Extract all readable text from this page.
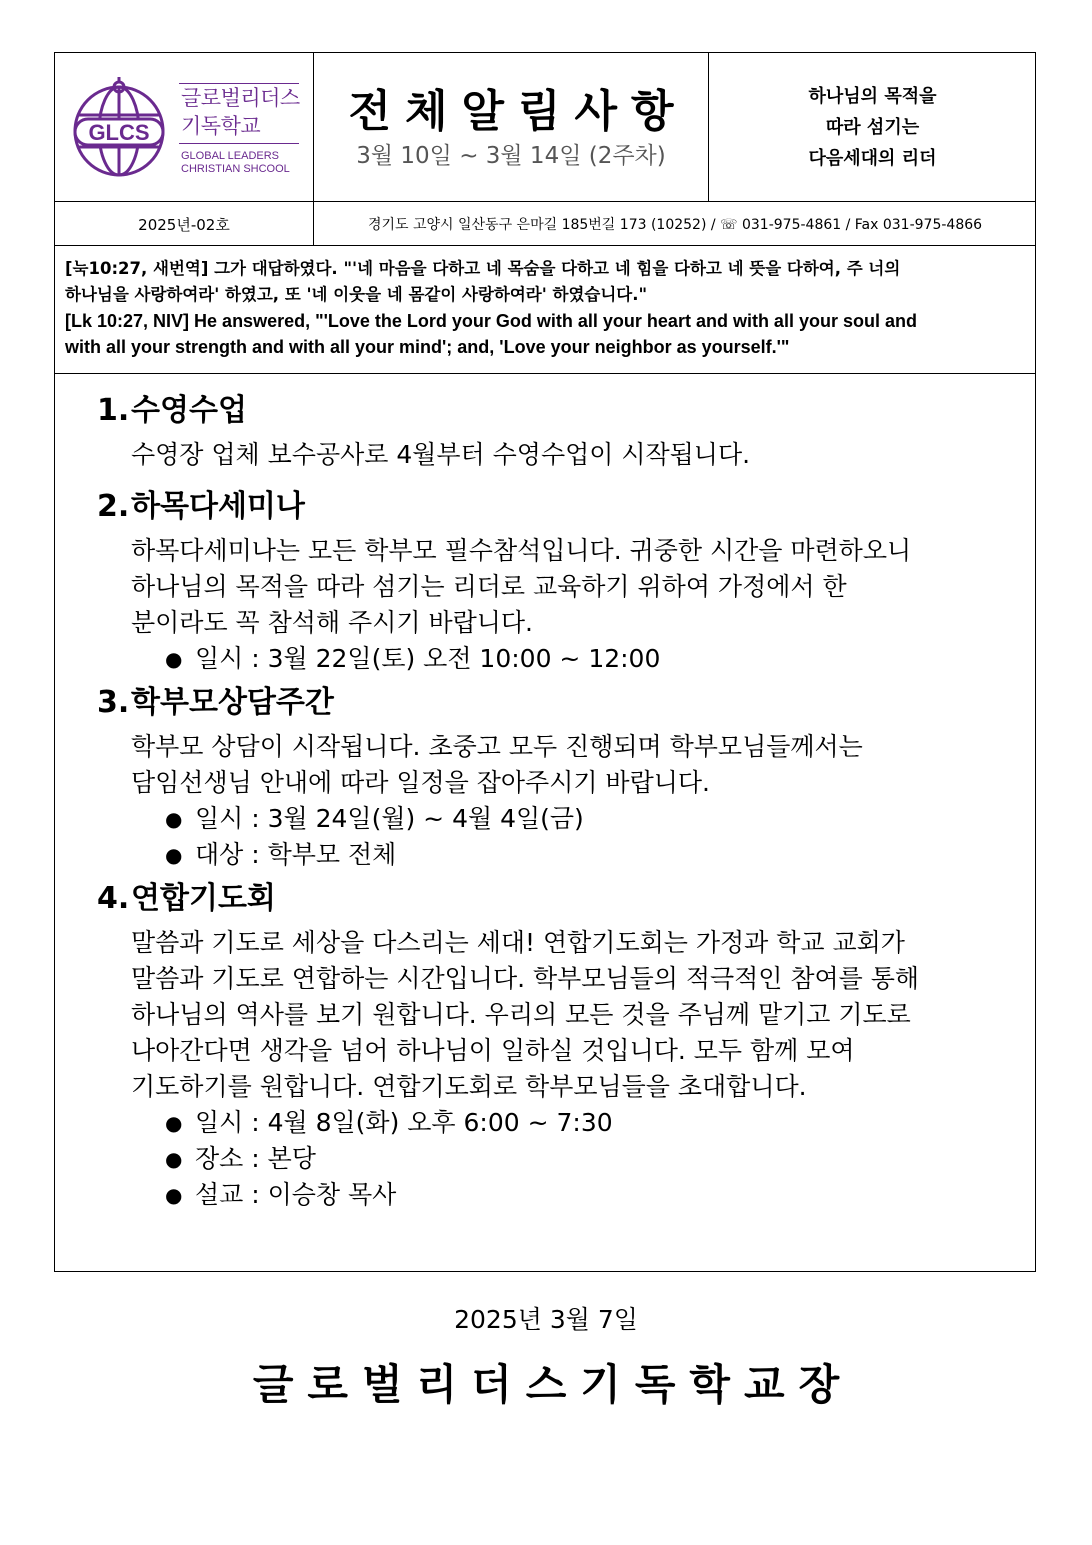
GLCS
글로벌리더스
기독학교
GLOBAL LEADERS
CHRISTIAN SHCOOL
전체알림사항
3월 10일 ~ 3월 14일 (2주차)
하나님의 목적을
따라 섬기는
다음세대의 리더
2025년-02호	경기도 고양시 일산동구 은마길 185번길 173 (10252) / ☏ 031-975-4861 / Fax 031-975-4866

[눅10:27, 새번역] 그가 대답하였다. "'네 마음을 다하고 네 목숨을 다하고 네 힘을 다하고 네 뜻을 다하여, 주 너의

하나님을 사랑하여라' 하였고, 또 '네 이웃을 네 몸같이 사랑하여라' 하였습니다."

[Lk 10:27, NIV] He answered, "'Love the Lord your God with all your heart and with all your soul and

with all your strength and with all your mind'; and, 'Love your neighbor as yourself.'"

1. 수영수업
수영장 업체 보수공사로 4월부터 수영수업이 시작됩니다.
2. 하목다세미나
하목다세미나는 모든 학부모 필수참석입니다. 귀중한 시간을 마련하오니
하나님의 목적을 따라 섬기는 리더로 교육하기 위하여 가정에서 한
분이라도 꼭 참석해 주시기 바랍니다.
● 일시 : 3월 22일(토) 오전 10:00 ~ 12:00
3. 학부모상담주간
학부모 상담이 시작됩니다. 초중고 모두 진행되며 학부모님들께서는
담임선생님 안내에 따라 일정을 잡아주시기 바랍니다.
● 일시 : 3월 24일(월) ~ 4월 4일(금)
● 대상 : 학부모 전체
4. 연합기도회
말씀과 기도로 세상을 다스리는 세대! 연합기도회는 가정과 학교 교회가
말씀과 기도로 연합하는 시간입니다. 학부모님들의 적극적인 참여를 통해
하나님의 역사를 보기 원합니다. 우리의 모든 것을 주님께 맡기고 기도로
나아간다면 생각을 넘어 하나님이 일하실 것입니다. 모두 함께 모여
기도하기를 원합니다. 연합기도회로 학부모님들을 초대합니다.
● 일시 : 4월 8일(화) 오후 6:00 ~ 7:30
● 장소 : 본당
● 설교 : 이승창 목사
2025년 3월 7일
글로벌리더스기독학교장
